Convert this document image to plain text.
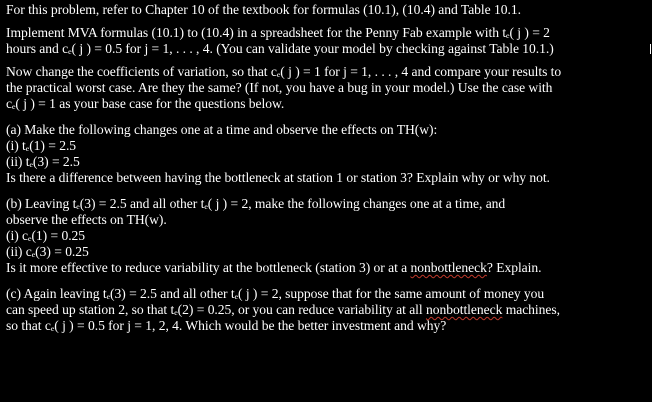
For this problem, refer to Chapter 10 of the textbook for formulas (10.1), (10.4) and Table 10.1.
Implement MVA formulas (10.1) to (10.4) in a spreadsheet for the Penny Fab example with tₑ( j ) = 2
hours and cₑ( j ) = 0.5 for j = 1, . . . , 4. (You can validate your model by checking against Table 10.1.)
Now change the coefficients of variation, so that cₑ( j ) = 1 for j = 1, . . . , 4 and compare your results to
the practical worst case. Are they the same? (If not, you have a bug in your model.) Use the case with
cₑ( j ) = 1 as your base case for the questions below.
(a) Make the following changes one at a time and observe the effects on TH(w):
(i) tₑ(1) = 2.5
(ii) tₑ(3) = 2.5
Is there a difference between having the bottleneck at station 1 or station 3? Explain why or why not.
(b) Leaving tₑ(3) = 2.5 and all other tₑ( j ) = 2, make the following changes one at a time, and
observe the effects on TH(w).
(i) cₑ(1) = 0.25
(ii) cₑ(3) = 0.25
Is it more effective to reduce variability at the bottleneck (station 3) or at a nonbottleneck? Explain.
(c) Again leaving tₑ(3) = 2.5 and all other tₑ( j ) = 2, suppose that for the same amount of money you
can speed up station 2, so that tₑ(2) = 0.25, or you can reduce variability at all nonbottleneck machines,
so that cₑ( j ) = 0.5 for j = 1, 2, 4. Which would be the better investment and why?
